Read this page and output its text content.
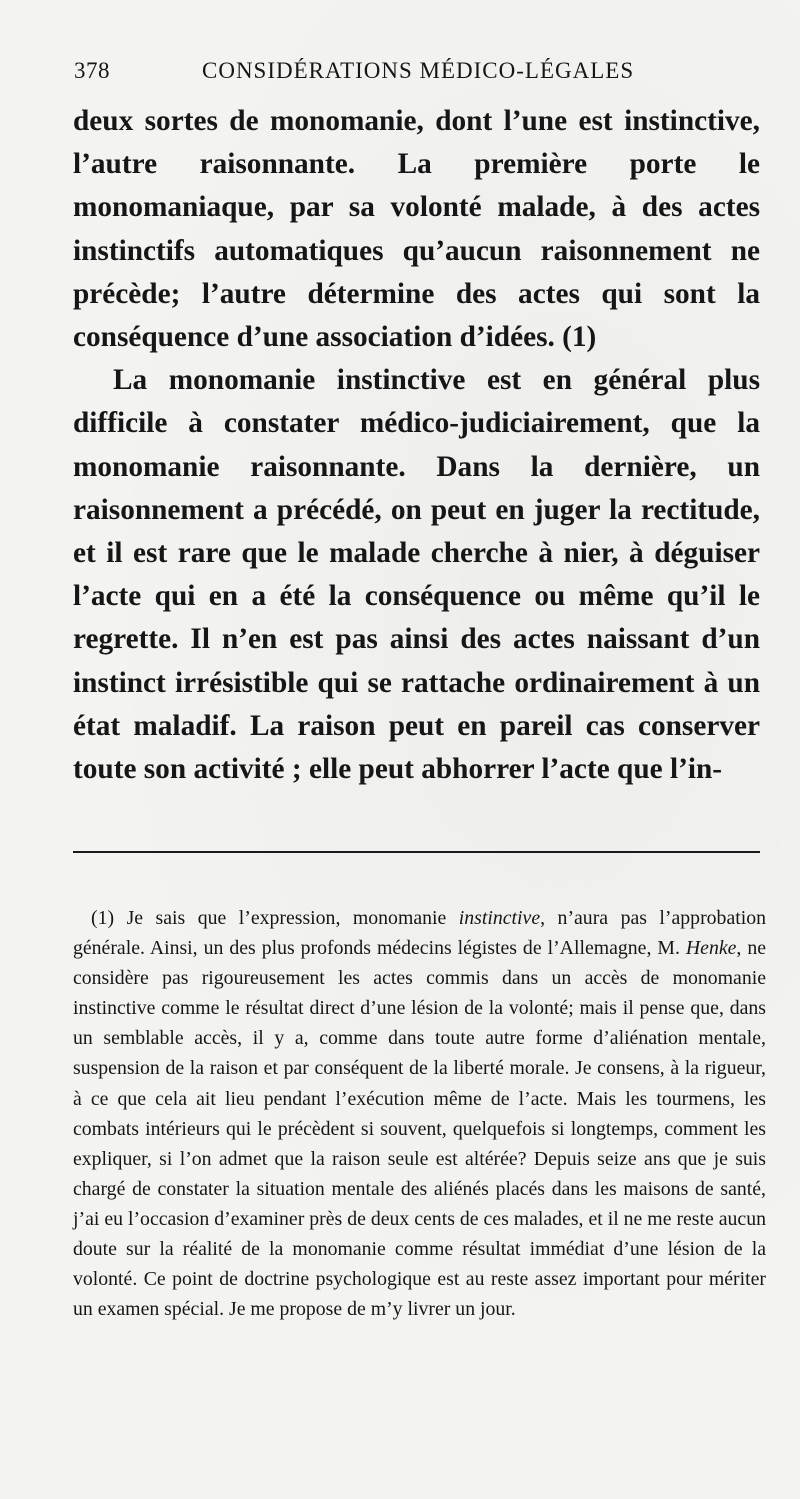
378	CONSIDÉRATIONS MÉDICO-LÉGALES

deux sortes de monomanie, dont l’une est instinctive, l’autre raisonnante. La première porte le monomaniaque, par sa volonté malade, à des actes instinctifs automatiques qu’aucun raisonnement ne précède; l’autre détermine des actes qui sont la conséquence d’une association d’idées. (1)

La monomanie instinctive est en général plus difficile à constater médico-judiciairement, que la monomanie raisonnante. Dans la dernière, un raisonnement a précédé, on peut en juger la rectitude, et il est rare que le malade cherche à nier, à déguiser l’acte qui en a été la conséquence ou même qu’il le regrette. Il n’en est pas ainsi des actes naissant d’un instinct irrésistible qui se rattache ordinairement à un état maladif. La raison peut en pareil cas conserver toute son activité ; elle peut abhorrer l’acte que l’in-

(1) Je sais que l’expression, monomanie instinctive, n’aura pas l’approbation générale. Ainsi, un des plus profonds médecins légistes de l’Allemagne, M. Henke, ne considère pas rigoureusement les actes commis dans un accès de monomanie instinctive comme le résultat direct d’une lésion de la volonté; mais il pense que, dans un semblable accès, il y a, comme dans toute autre forme d’aliénation mentale, suspension de la raison et par conséquent de la liberté morale. Je consens, à la rigueur, à ce que cela ait lieu pendant l’exécution même de l’acte. Mais les tourmens, les combats intérieurs qui le précèdent si souvent, quelquefois si longtemps, comment les expliquer, si l’on admet que la raison seule est altérée? Depuis seize ans que je suis chargé de constater la situation mentale des aliénés placés dans les maisons de santé, j’ai eu l’occasion d’examiner près de deux cents de ces malades, et il ne me reste aucun doute sur la réalité de la monomanie comme résultat immédiat d’une lésion de la volonté. Ce point de doctrine psychologique est au reste assez important pour mériter un examen spécial. Je me propose de m’y livrer un jour.
